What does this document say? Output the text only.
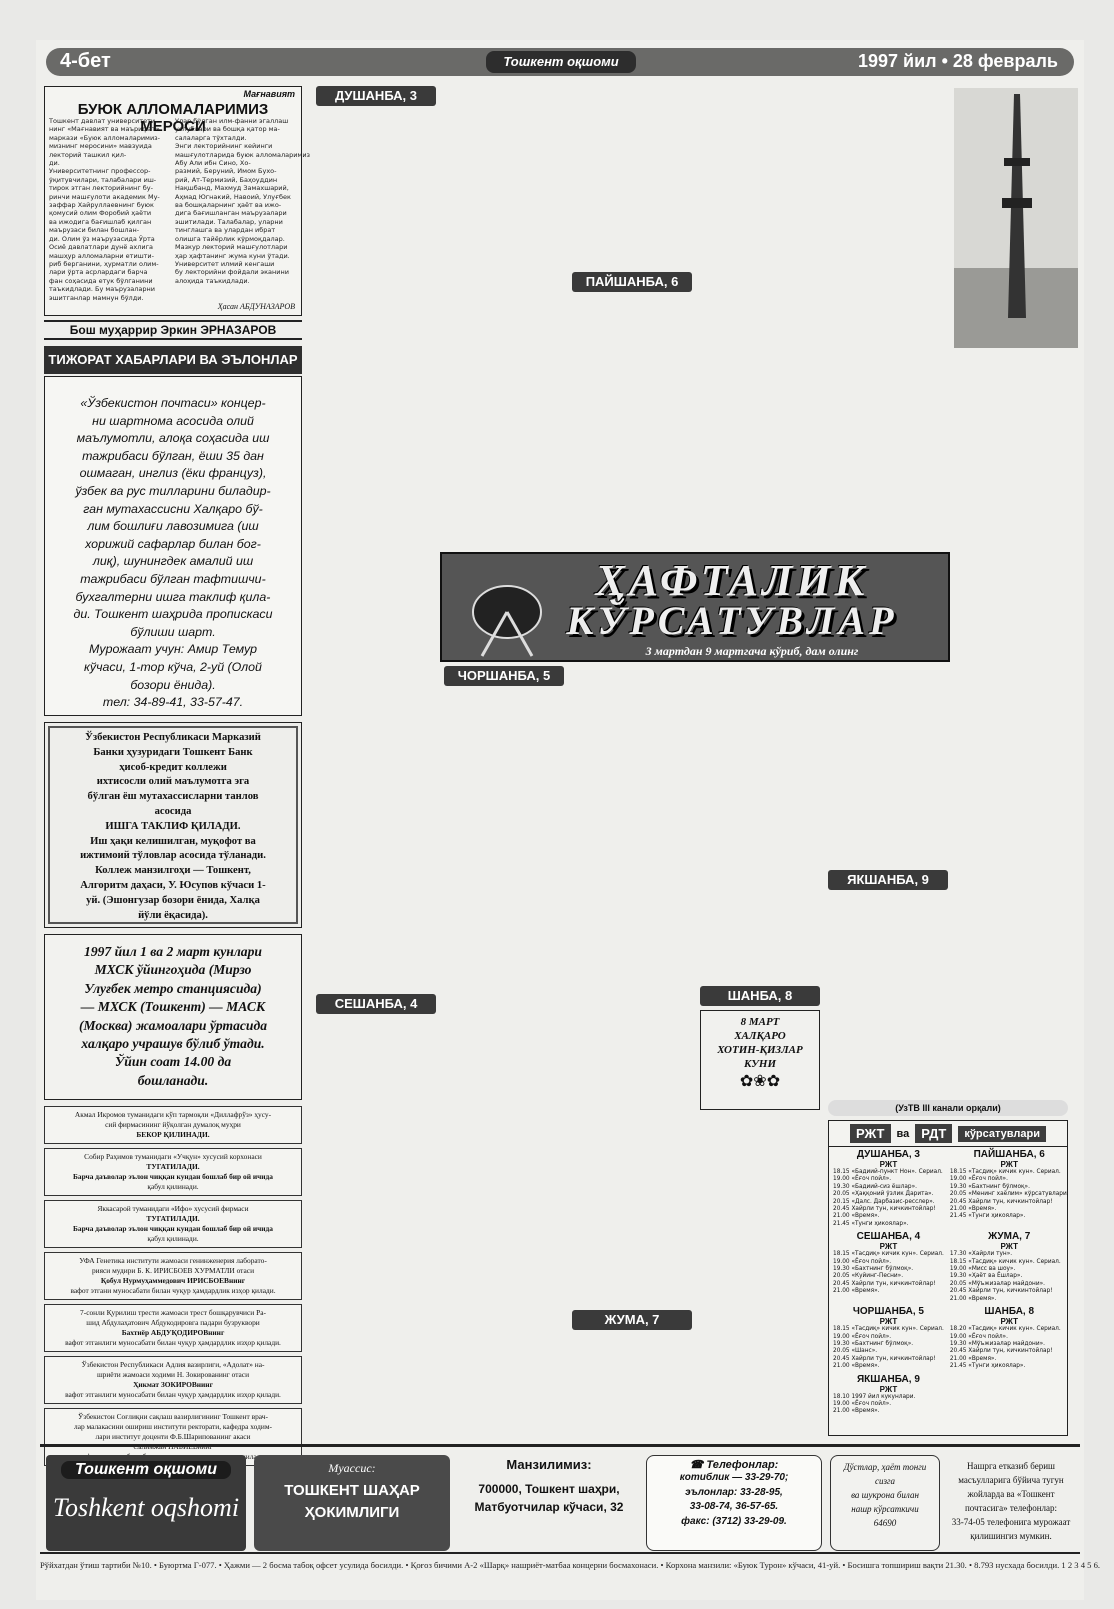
4-бет	Тошкент оқшоми	1997 йил • 28 февраль
Мағнавият
БУЮК АЛЛОМАЛАРИМИЗ МЕРОСИ
Тошкент давлат университети-
нинг «Мағнавият ва маърифат»
маркази «Буюк алломаларимиз-
мизнинг меросини» мавзуида
лекторий ташкил қил-
ди.
Университетнинг профессор-
ўқитувчилари, талабалари иш-
тирок этган лекторийнинг бу-
ринчи машғулоти академик Му-
заффар Хайруллаевнинг буюк
қомусий олим Форобий ҳаёти
ва ижодига бағишлаб қилган
маърузаси билан бошлан-
ди. Олим ўз маърузасида Ўрта
Осиё давлатлари дунё ахлига
машҳур алломаларни етишти-
риб берганини, ҳурматли олим-
лари ўрта асрлардаги барча
фан соҳасида етук бўлганини
таъкидлади. Бу маърузаларни
эшитганлар мамнун бўлди.
Улар бўлган илм-фанни эгаллаш
услублари ва бошқа қатор ма-
салаларга тўхталди.
Энги лекторийнинг кейинги
машғулотларида буюк алломаларимиз
Абу Али ибн Сино, Хо-
размий, Беруний, Имом Бухо-
рий, Ат-Термизий, Баҳоуддин
Нақшбанд, Махмуд Замахшарий,
Аҳмад Югнакий, Навоий, Улуғбек
ва бошқаларнинг ҳаёт ва ижо-
дига бағишланган маърузалари
эшитилади. Талабалар, уларни
тинглашга ва улардан ибрат
олишга тайёрлик кўрмоқдалар.
Мазкур лекторий машғулотлари
ҳар ҳафтанинг жума куни ўтади.
Университет илмий кенгаши
бу лекторийни фойдали эканини
алоҳида таъкидлади.
Ҳасан АБДУНАЗАРОВ
Бош муҳаррир Эркин ЭРНАЗАРОВ
ТИЖОРАТ ХАБАРЛАРИ ВА ЭЪЛОНЛАР
«Ўзбекистон почтаси» концер-
ни шартнома асосида олий
маълумотли, алоқа соҳасида иш
тажрибаси бўлган, ёши 35 дан
ошмаган, инглиз (ёки француз),
ўзбек ва рус тилларини биладир-
ган мутахассисни Халқаро бў-
лим бошлиғи лавозимига (иш
хорижий сафарлар билан бог-
лиқ), шунингдек амалий иш
тажрибаси бўлган тафтишчи-
бухгалтерни ишга таклиф қила-
ди. Тошкент шаҳрида пропискаси
бўлиши шарт.
Мурожаат учун: Амир Темур
кўчаси, 1-тор кўча, 2-уй (Олой
бозори ёнида).
тел: 34-89-41, 33-57-47.
Ўзбекистон Республикаси Марказий
Банки ҳузуридаги Тошкент Банк
ҳисоб-кредит коллежи
ихтисосли олий маълумотга эга
бўлган ёш мутахассисларни танлов
асосида
ИШГА ТАКЛИФ ҚИЛАДИ.
Иш ҳақи келишилган, муқофот ва
ижтимоий тўловлар асосида тўланади.
Коллеж манзилгоҳи — Тошкент,
Алгоритм даҳаси, У. Юсупов кўчаси 1-
уй. (Эшонгузар бозори ёнида, Халқа
йўли ёқасида).
1997 йил 1 ва 2 март кунлари
МХСК ўйингоҳида (Мирзо
Улуғбек метро станциясида)
— МХСК (Тошкент) — МАСК
(Москва) жамоалари ўртасида
халқаро учрашув бўлиб ўтади.
Ўйин соат 14.00 да
бошланади.
Акмал Икромов туманидаги кўп тармоқли «Диллафрўз» ҳусу-
сий фирмасининг йўқолган думалоқ муҳри
БЕКОР ҚИЛИНАДИ.
Собир Раҳимов туманидаги «Учқун» хусусий корхонаси
ТУГАТИЛАДИ.
Барча даъволар эълон чиққан кундан бошлаб бир ой ичида
қабул қилинади.
Яккасарой туманидаги «Ифо» хусусий фирмаси
ТУГАТИЛАДИ.
Барча даъволар эълон чиққан кундан бошлаб бир ой ичида
қабул қилинади.
УФА Генетика институти жамоаси генинженерия лаборато-
рияси мудири Б. К. ИРИСБОЕВ ХУРМАТЛИ отаси
Қобул Нурмуҳаммедович ИРИСБОЕВнинг
вафот этгани муносабати билан чуқур ҳамдардлик изҳор қилади.
7-сонли Қурилиш трести жамоаси трест бошқарувчиси Ра-
шид Абдулаҳатович Абдукодировга падари бузруквори
Бахтиёр АБДУҚОДИРОВнинг
вафот этганлиги муносабати билан чуқур ҳамдардлик изҳор қилади.
Ўзбекистон Республикаси Адлия вазирлиги, «Адолат» на-
шриёти жамоаси ходими Н. Зокированинг отаси
Ҳикмат ЗОКИРОВнинг
вафот этганлиги муносабати билан чуқур ҳамдардлик изҳор қилади.
Ўзбекистон Соғлиқни сақлаш вазирлигининг Тошкент врач-
лар малакасини ошириш институти ректорати, кафедра ходим-
лари институт доценти Ф.Б.Шарипованинг акаси
Салимжан НАБИЕВнинг
ДУШАНБА, 3
СЕШАНБА, 4
ПАЙШАНБА, 6
ҲАФТАЛИК
КЎРСАТУВЛАР
3 мартдан 9 мартгача кўриб, дам олинг
ЧОРШАНБА, 5
ЖУМА, 7
ШАНБА, 8
8 МАРТ
ХАЛҚАРО
ХОТИН-ҚИЗЛАР
КУНИ
✿❀✿
ЯКШАНБА, 9
(УзТВ III канали орқали)
РЖТ	ва РДТ	кўрсатувлари
ДУШАНБА, 3
РЖТ
18.15 «Бадиий-пункт Нон». Сериал.
19.00 «Ёғоч пойл».
19.30 «Бадиий-сиз ёшлар».
20.05 «Ҳаққоний ўзлик Дарита».
20.15 «Далс. Дарбазис-ресслер».
20.45 Хайрли тун, кичкинтойлар!
21.00 «Время».
21.45 «Тунги ҳикоялар».
ПАЙШАНБА, 6
РЖТ
18.15 «Тасдиқ» кичик кун». Сериал.
19.00 «Ёғоч пойл».
19.30 «Бахтнинг бўлмоқ».
20.05 «Менинг хаёлим» кўрсатувлари.
20.45 Хайрли тун, кичкинтойлар!
21.00 «Время».
21.45 «Тунги ҳикоялар».
СЕШАНБА, 4
РЖТ
18.15 «Тасдиқ» кичик кун». Сериал.
19.00 «Ёғоч пойл».
19.30 «Бахтнинг бўлмоқ».
20.05 «Куйинг-Песни».
20.45 Хайрли тун, кичкинтойлар!
21.00 «Время».
ЖУМА, 7
РЖТ
17.30 «Хайрли тун».
18.15 «Тасдиқ» кичик кун». Сериал.
19.00 «Мисс ва шоу».
19.30 «Ҳаёт ва Ёшлар».
20.05 «Мўъжизалар майдони».
20.45 Хайрли тун, кичкинтойлар!
21.00 «Время».
ЧОРШАНБА, 5
РЖТ
18.15 «Тасдиқ» кичик кун». Сериал.
19.00 «Ёғоч пойл».
19.30 «Бахтнинг бўлмоқ».
20.05 «Шанс».
20.45 Хайрли тун, кичкинтойлар!
21.00 «Время».
ШАНБА, 8
РЖТ
18.20 «Тасдиқ» кичик кун». Сериал.
19.00 «Ёғоч пойл».
19.30 «Мўъжизалар майдони».
20.45 Хайрли тун, кичкинтойлар!
21.00 «Время».
21.45 «Тунги ҳикоялар».
ЯКШАНБА, 9
РЖТ
18.10 1997 йил кукунлари.
19.00 «Ёғоч пойл».
21.00 «Время».
Тошкент оқшоми
Toshkent oqshomi
Муассис:
ТОШКЕНТ ШАҲАР
ҲОКИМЛИГИ
Манзилимиз:
700000, Тошкент шаҳри,
Матбуотчилар кўчаси, 32
☎ Телефонлар:
котиблик — 33-29-70;
эълонлар: 33-28-95,
33-08-74, 36-57-65.
факс: (3712) 33-29-09.
Дўстлар, ҳаёт тонги сизга
ва шукрона билан
нашр кўрсаткичи
64690
Нашрга етказиб бериш
масъулларига бўйича тугун
жойларда ва «Тошкент
почтасига» телефонлар:
33-74-05 телефонига мурожаат
қилишингиз мумкин.
Рўйхатдан ўтиш тартиби №10. • Буюртма Г-077. • Ҳажми — 2 босма табоқ офсет усулида босилди. • Қоғоз бичими А-2 «Шарқ» нашриёт-матбаа концерни босмахонаси. • Корхона манзили: «Буюк Турон» кўчаси, 41-уй. • Босишга топшириш вақти 21.30. • 8.793 нусхада босилди. 1 2 3 4 5 6.
